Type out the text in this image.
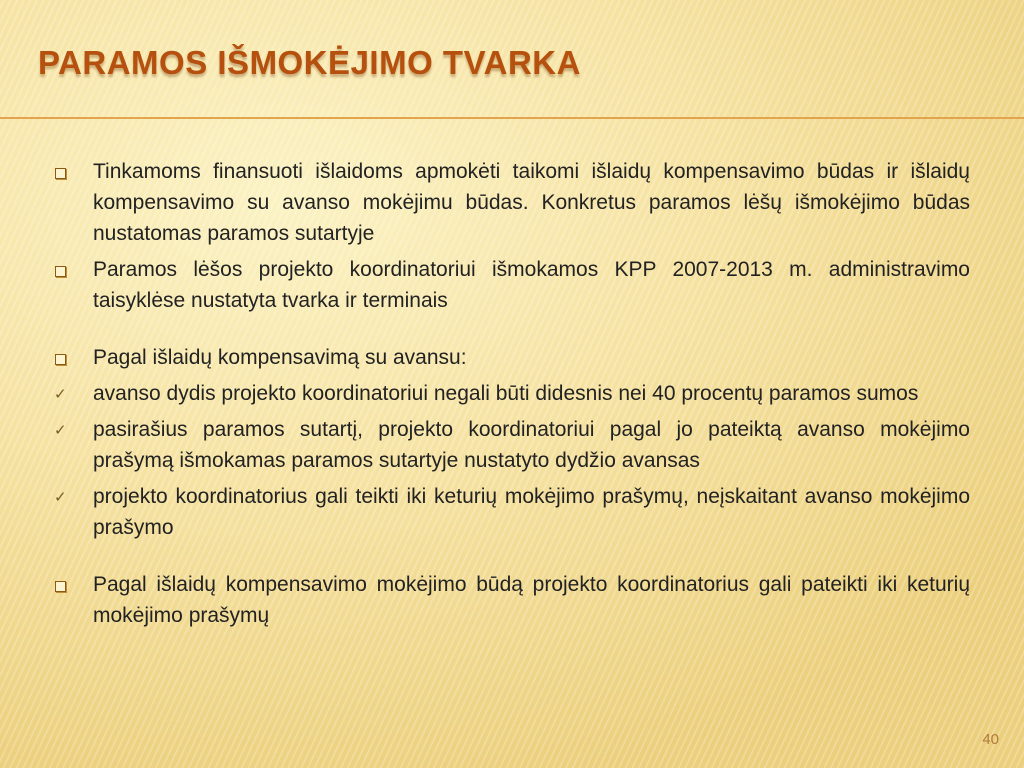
PARAMOS IŠMOKĖJIMO TVARKA
Tinkamoms finansuoti išlaidoms apmokėti taikomi išlaidų kompensavimo būdas ir išlaidų kompensavimo su avanso mokėjimu būdas. Konkretus paramos lėšų išmokėjimo būdas nustatomas paramos sutartyje
Paramos lėšos projekto koordinatoriui išmokamos KPP 2007-2013 m. administravimo taisyklėse nustatyta tvarka ir terminais
Pagal išlaidų kompensavimą su avansu:
✓ avanso dydis projekto koordinatoriui negali būti didesnis nei 40 procentų paramos sumos
✓ pasirašius paramos sutartį, projekto koordinatoriui pagal jo pateiktą avanso mokėjimo prašymą išmokamas paramos sutartyje nustatyto dydžio avansas
✓ projekto koordinatorius gali teikti iki keturių mokėjimo prašymų, neįskaitant avanso mokėjimo prašymo
Pagal išlaidų kompensavimo mokėjimo būdą projekto koordinatorius gali pateikti iki keturių mokėjimo prašymų
40
